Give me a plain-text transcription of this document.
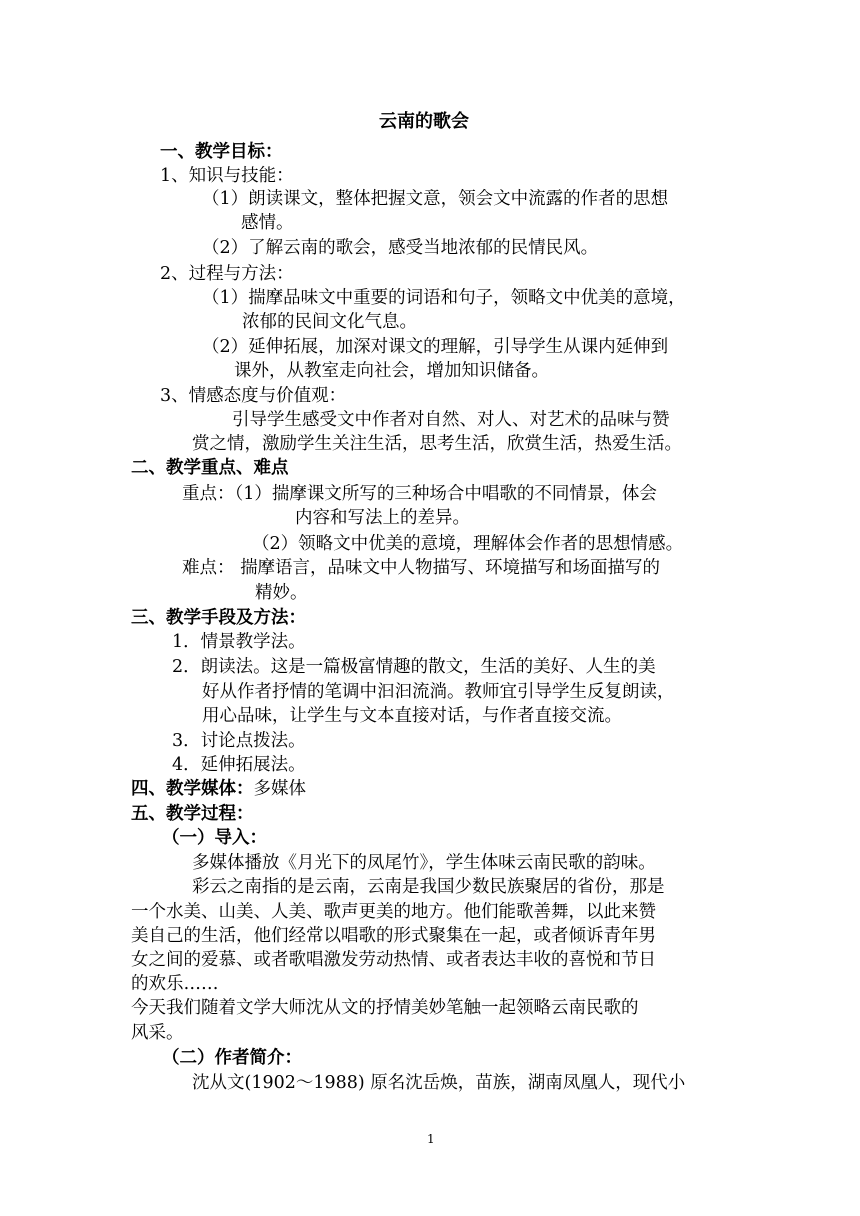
云南的歌会
一、教学目标：
1、知识与技能：
（1）朗读课文，整体把握文意，领会文中流露的作者的思想
感情。
（2）了解云南的歌会，感受当地浓郁的民情民风。
2、过程与方法：
（1）揣摩品味文中重要的词语和句子，领略文中优美的意境，
浓郁的民间文化气息。
（2）延伸拓展，加深对课文的理解，引导学生从课内延伸到
课外，从教室走向社会，增加知识储备。
3、情感态度与价值观：
引导学生感受文中作者对自然、对人、对艺术的品味与赞
赏之情，激励学生关注生活，思考生活，欣赏生活，热爱生活。
二、教学重点、难点
重点：（1）揣摩课文所写的三种场合中唱歌的不同情景，体会
内容和写法上的差异。
（2）领略文中优美的意境，理解体会作者的思想情感。
难点： 揣摩语言，品味文中人物描写、环境描写和场面描写的
精妙。
三、教学手段及方法：
1．情景教学法。
2．朗读法。这是一篇极富情趣的散文，生活的美好、人生的美
好从作者抒情的笔调中汩汩流淌。教师宜引导学生反复朗读，
用心品味，让学生与文本直接对话，与作者直接交流。
3．讨论点拨法。
4．延伸拓展法。
四、教学媒体：多媒体
五、教学过程：
（一）导入：
多媒体播放《月光下的凤尾竹》，学生体味云南民歌的韵味。
彩云之南指的是云南，云南是我国少数民族聚居的省份，那是
一个水美、山美、人美、歌声更美的地方。他们能歌善舞，以此来赞
美自己的生活，他们经常以唱歌的形式聚集在一起，或者倾诉青年男
女之间的爱慕、或者歌唱激发劳动热情、或者表达丰收的喜悦和节日
的欢乐……
今天我们随着文学大师沈从文的抒情美妙笔触一起领略云南民歌的
风采。
（二）作者简介：
沈从文(1902～1988) 原名沈岳焕，苗族，湖南凤凰人，现代小
1
